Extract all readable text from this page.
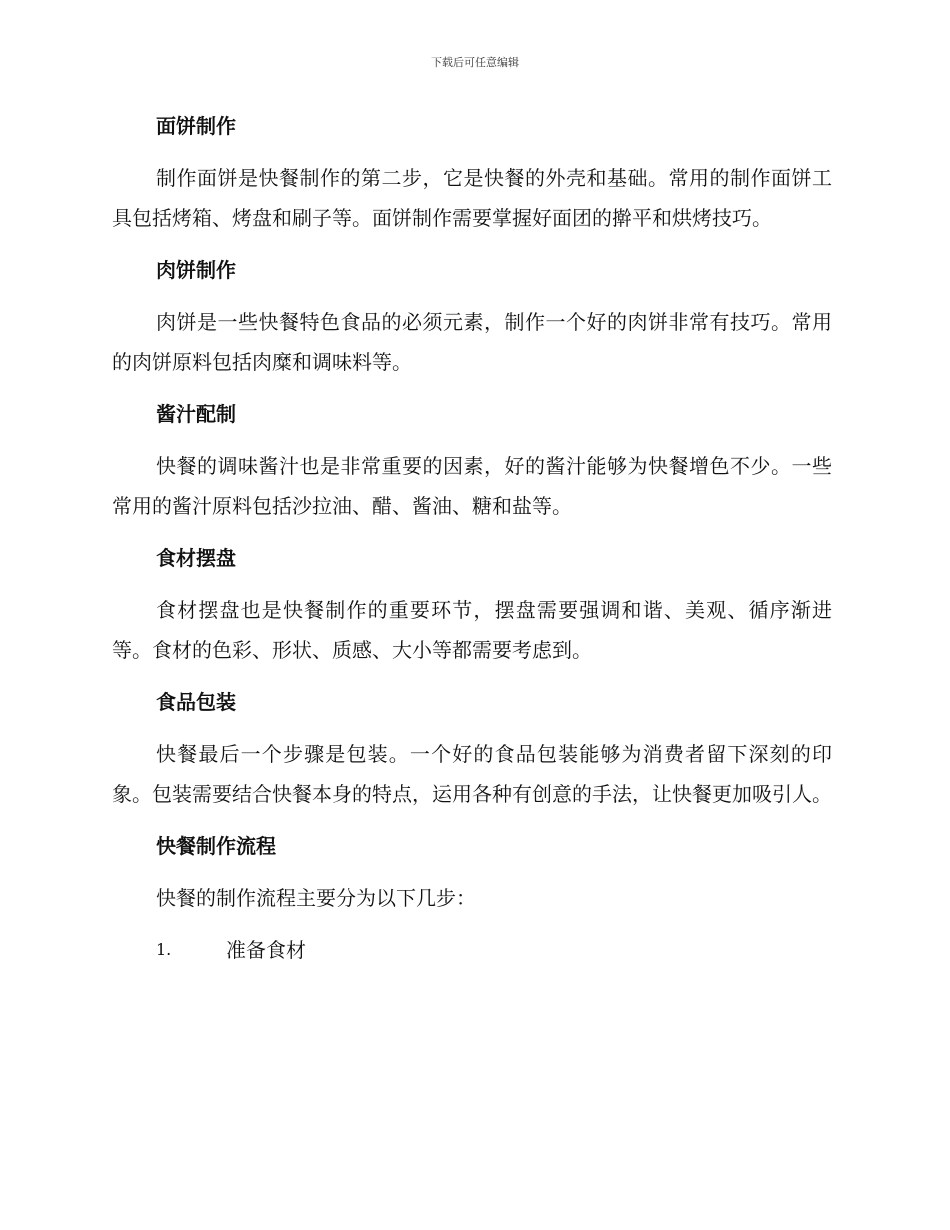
下载后可任意编辑
面饼制作

制作面饼是快餐制作的第二步，它是快餐的外壳和基础。常用的制作面饼工具包括烤箱、烤盘和刷子等。面饼制作需要掌握好面团的擀平和烘烤技巧。

肉饼制作

肉饼是一些快餐特色食品的必须元素，制作一个好的肉饼非常有技巧。常用的肉饼原料包括肉糜和调味料等。

酱汁配制

快餐的调味酱汁也是非常重要的因素，好的酱汁能够为快餐增色不少。一些常用的酱汁原料包括沙拉油、醋、酱油、糖和盐等。

食材摆盘

食材摆盘也是快餐制作的重要环节，摆盘需要强调和谐、美观、循序渐进等。食材的色彩、形状、质感、大小等都需要考虑到。

食品包装

快餐最后一个步骤是包装。一个好的食品包装能够为消费者留下深刻的印象。包装需要结合快餐本身的特点，运用各种有创意的手法，让快餐更加吸引人。

快餐制作流程

快餐的制作流程主要分为以下几步：

1.	准备食材
